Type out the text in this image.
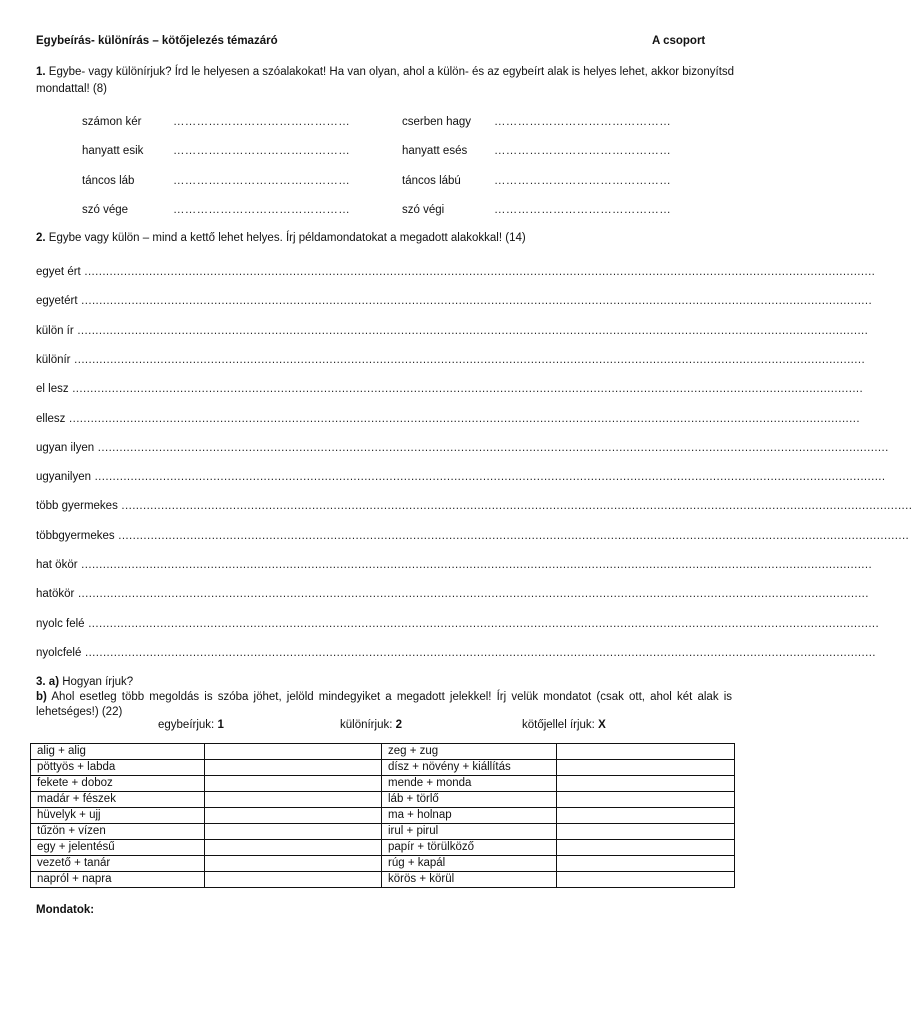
Egybeírás- különírás – kötőjelezés témazáró	A csoport
1. Egybe- vagy különírjuk? Írd le helyesen a szóalakokat! Ha van olyan, ahol a külön- és az egybeírt alak is helyes lehet, akkor bizonyítsd mondattal! (8)
számon kér	………………………………………	cserben hagy ………………………………………
hanyatt esik	………………………………………	hanyatt esés ………………………………………
táncos láb	………………………………………	táncos lábú	………………………………………
szó vége	………………………………………	szó végi	………………………………………
2. Egybe vagy külön – mind a kettő lehet helyes. Írj példamondatokat a megadott alakokkal! (14)
egyet ért ............................................................................................................................................................................................................................
egyetért ............................................................................................................................................................................................................................
külön ír ............................................................................................................................................................................................................................
különír ............................................................................................................................................................................................................................
el lesz ............................................................................................................................................................................................................................
ellesz ............................................................................................................................................................................................................................
ugyan ilyen ............................................................................................................................................................................................................................
ugyanilyen ............................................................................................................................................................................................................................
több gyermekes ............................................................................................................................................................................................................................
többgyermekes ............................................................................................................................................................................................................................
hat ökör ............................................................................................................................................................................................................................
hatökör ............................................................................................................................................................................................................................
nyolc felé ............................................................................................................................................................................................................................
nyolcfelé ............................................................................................................................................................................................................................
3. a) Hogyan írjuk?
b) Ahol esetleg több megoldás is szóba jöhet, jelöld mindegyiket a megadott jelekkel! Írj velük mondatot (csak ott, ahol két alak is lehetséges!) (22)
egybeírjuk: 1	különírjuk: 2	kötőjellel írjuk: X
alig + alig		zeg + zug	
pöttyös + labda		dísz + növény + kiállítás	
fekete + doboz		mende + monda	
madár + fészek		láb + törlő	
hüvelyk + ujj		ma + holnap	
tűzön + vízen		irul + pirul	
egy + jelentésű		papír + törülköző	
vezető + tanár		rúg + kapál	
napról + napra		körös + körül	
Mondatok:
